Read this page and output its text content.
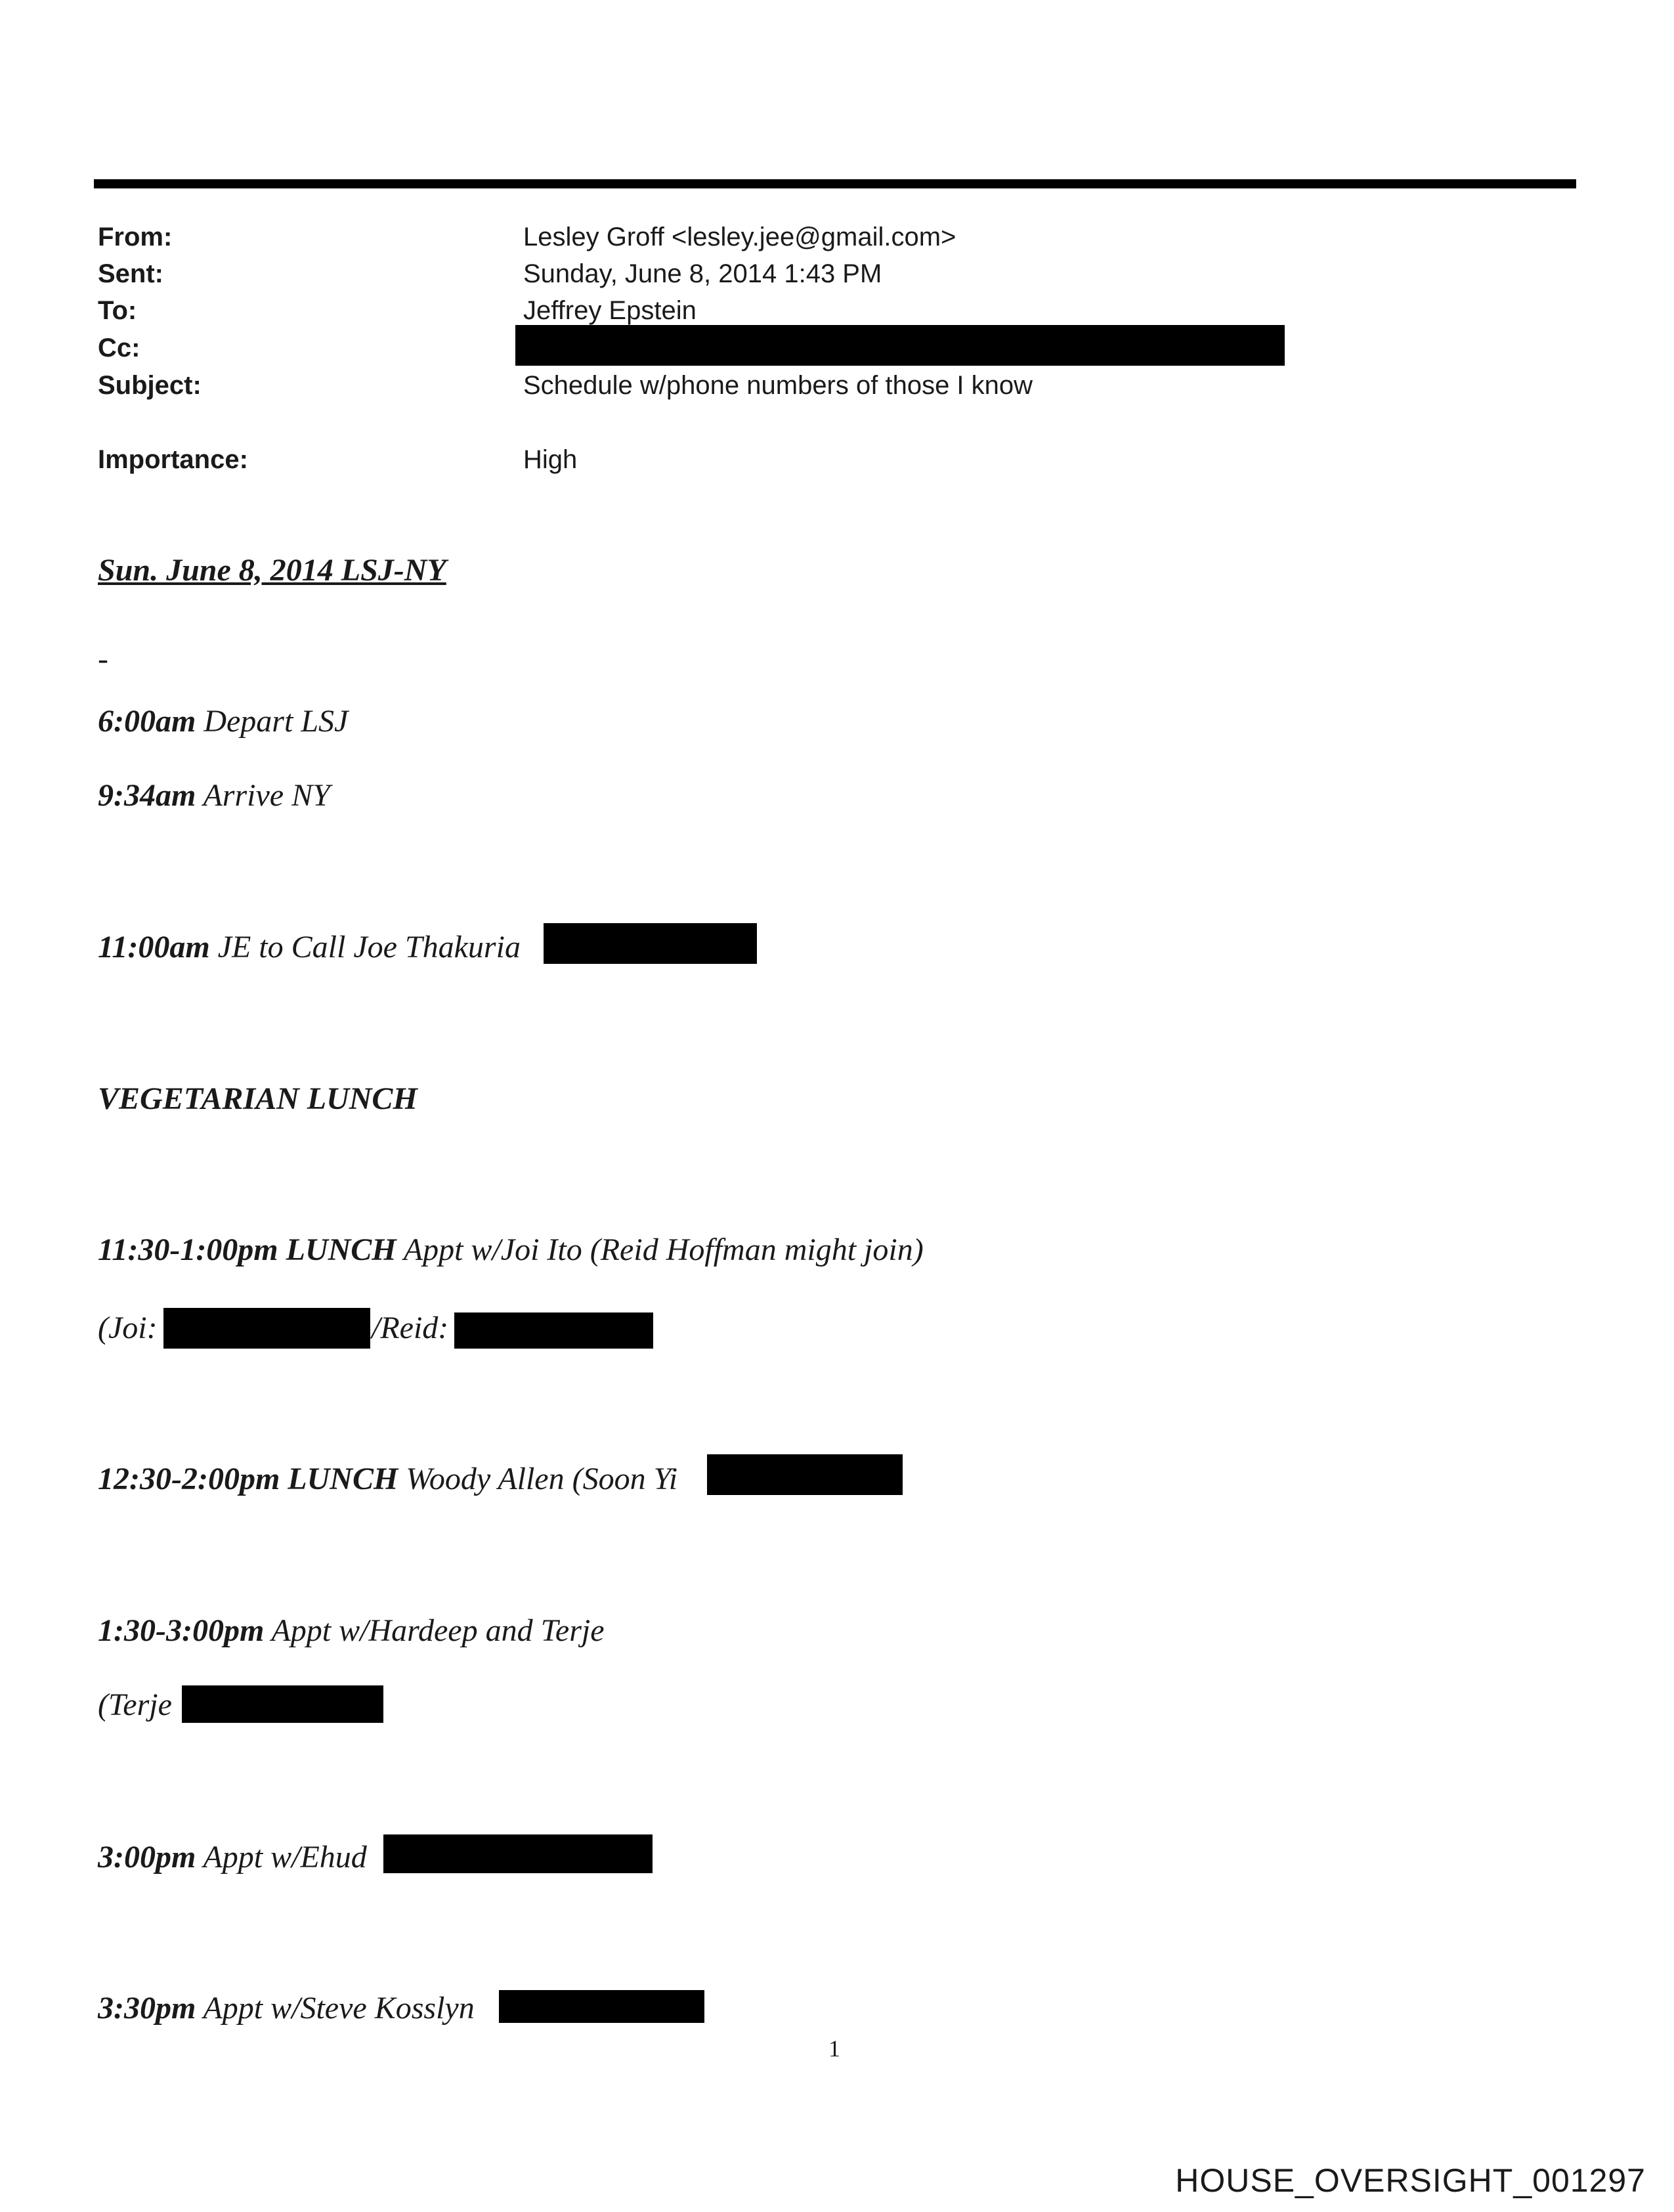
From:	Lesley Groff <lesley.jee@gmail.com>
Sent:	Sunday, June 8, 2014 1:43 PM
To:	Jeffrey Epstein
Cc:
Subject:	Schedule w/phone numbers of those I know
Importance:	High
Sun. June 8, 2014 LSJ-NY
-
6:00am Depart LSJ
9:34am Arrive NY
11:00am JE to Call Joe Thakuria
VEGETARIAN LUNCH
11:30-1:00pm LUNCH Appt w/Joi Ito (Reid Hoffman might join)
(Joi:	/Reid:
12:30-2:00pm LUNCH Woody Allen (Soon Yi
1:30-3:00pm Appt w/Hardeep and Terje
(Terje
3:00pm Appt w/Ehud
3:30pm Appt w/Steve Kosslyn
1
HOUSE_OVERSIGHT_001297
